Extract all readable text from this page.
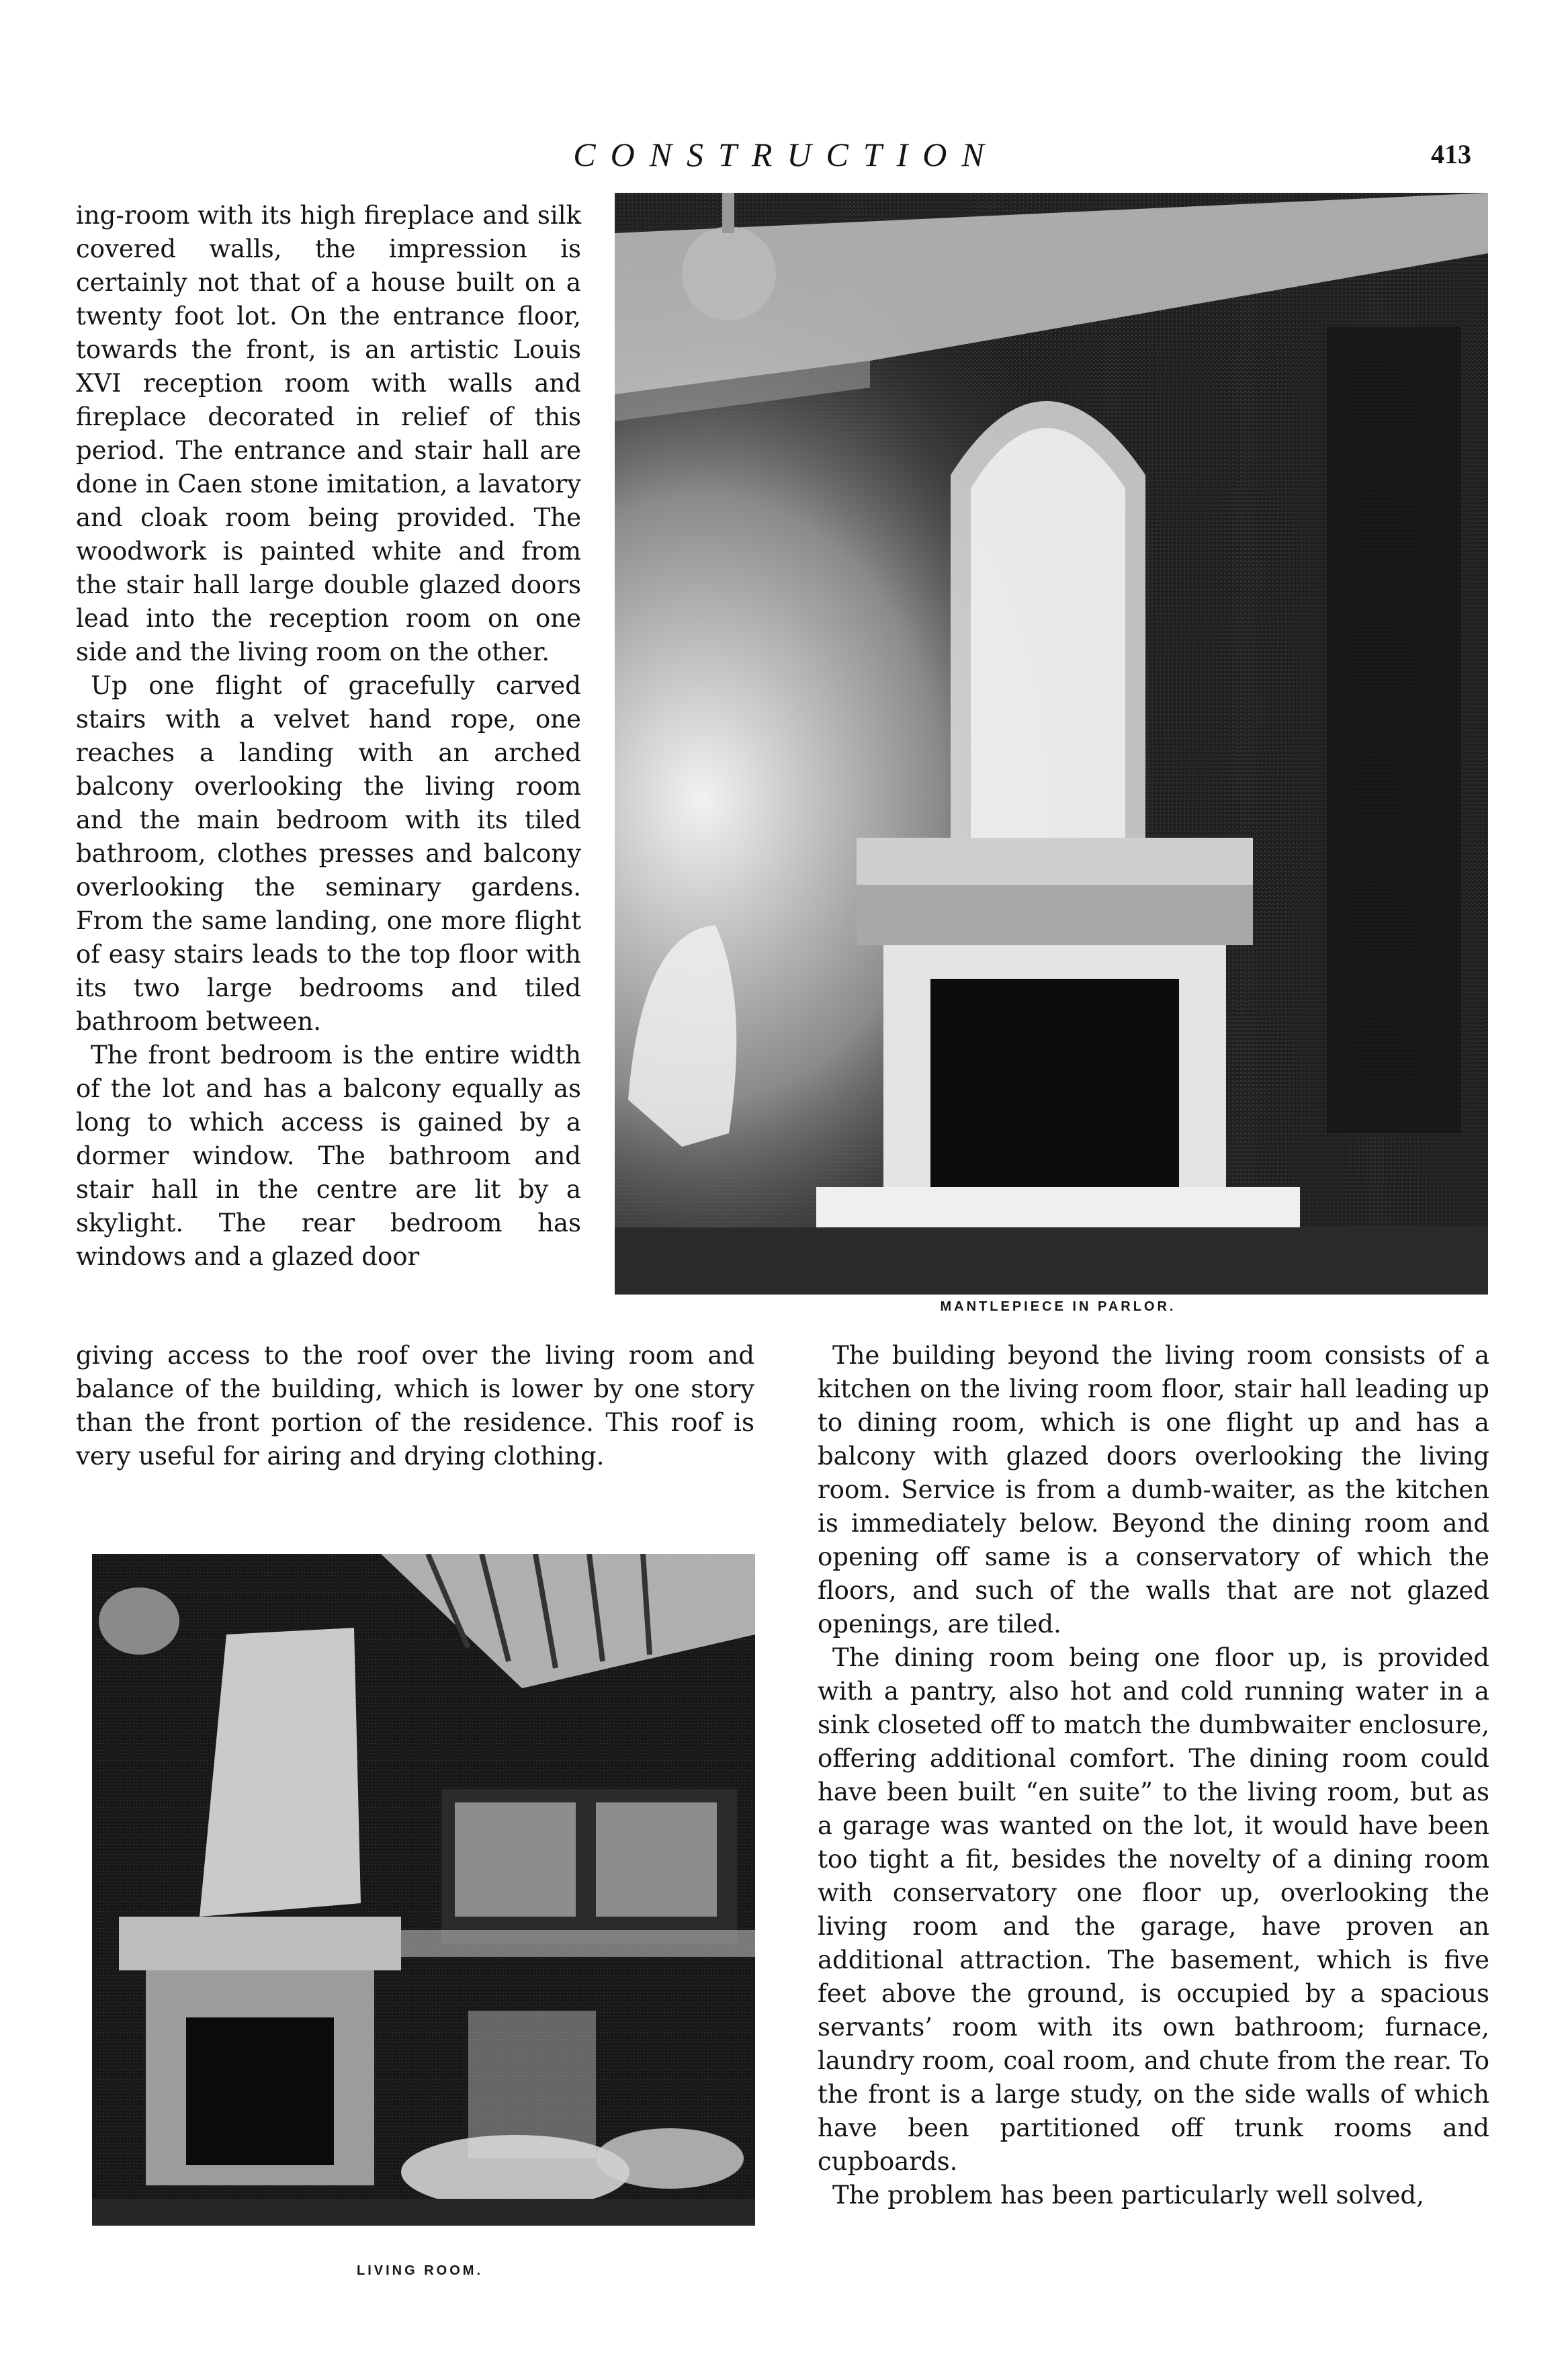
CONSTRUCTION	413

ing-room with its high fireplace and silk covered walls, the impression is certainly not that of a house built on a twenty foot lot. On the entrance floor, towards the front, is an artistic Louis XVI reception room with walls and fireplace decorated in relief of this period. The entrance and stair hall are done in Caen stone imitation, a lavatory and cloak room being provided. The woodwork is painted white and from the stair hall large double glazed doors lead into the reception room on one side and the living room on the other.

Up one flight of gracefully carved stairs with a velvet hand rope, one reaches a landing with an arched balcony overlooking the living room and the main bedroom with its tiled bathroom, clothes presses and balcony overlooking the seminary gardens. From the same landing, one more flight of easy stairs leads to the top floor with its two large bedrooms and tiled bathroom between.

The front bedroom is the entire width of the lot and has a balcony equally as long to which access is gained by a dormer window. The bathroom and stair hall in the centre are lit by a skylight. The rear bedroom has windows and a glazed door

giving access to the roof over the living room and balance of the building, which is lower by one story than the front portion of the residence. This roof is very useful for airing and drying clothing.

MANTLEPIECE IN PARLOR.
LIVING ROOM.

The building beyond the living room consists of a kitchen on the living room floor, stair hall leading up to dining room, which is one flight up and has a balcony with glazed doors overlooking the living room. Service is from a dumb-waiter, as the kitchen is immediately below. Beyond the dining room and opening off same is a conservatory of which the floors, and such of the walls that are not glazed openings, are tiled.

The dining room being one floor up, is provided with a pantry, also hot and cold running water in a sink closeted off to match the dumbwaiter enclosure, offering additional comfort. The dining room could have been built “en suite” to the living room, but as a garage was wanted on the lot, it would have been too tight a fit, besides the novelty of a dining room with conservatory one floor up, overlooking the living room and the garage, have proven an additional attraction. The basement, which is five feet above the ground, is occupied by a spacious servants’ room with its own bathroom; furnace, laundry room, coal room, and chute from the rear. To the front is a large study, on the side walls of which have been partitioned off trunk rooms and cupboards.

The problem has been particularly well solved,
